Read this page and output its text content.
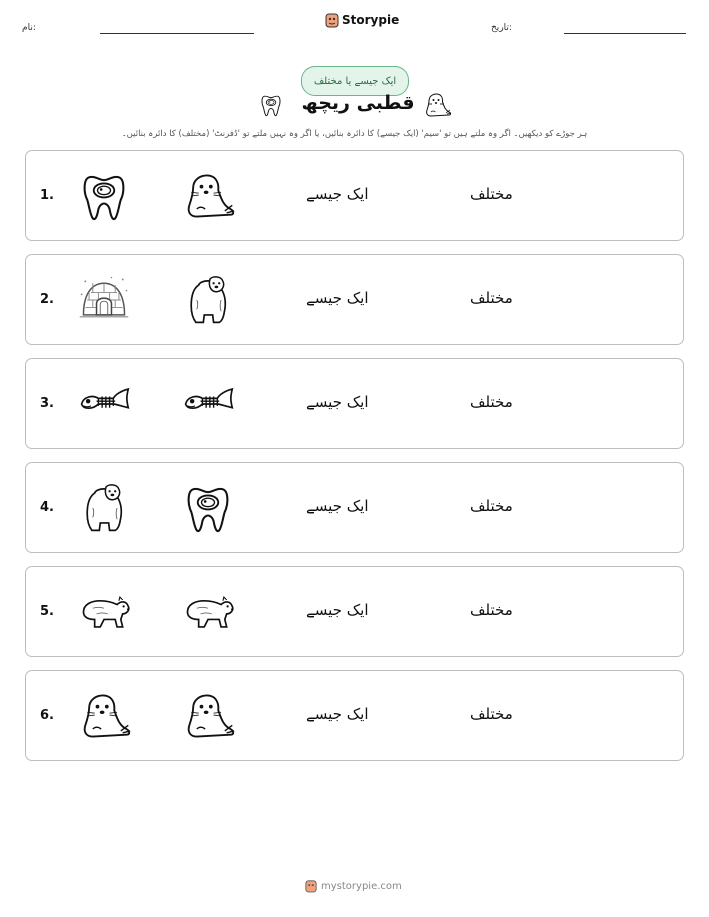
نام:
Storypie
تاریخ:
ایک جیسے یا مختلف
قطبی ریچھ
ہر جوڑے کو دیکھیں۔ اگر وہ ملتے ہیں تو 'سیم' (ایک جیسے) کا دائرہ بنائیں، یا اگر وہ نہیں ملتے تو 'ڈفرنٹ' (مختلف) کا دائرہ بنائیں۔
1.	ایک جیسے	مختلف
2.	ایک جیسے	مختلف
3.	ایک جیسے	مختلف
4.	ایک جیسے	مختلف
5.	ایک جیسے	مختلف
6.	ایک جیسے	مختلف
mystorypie.com
